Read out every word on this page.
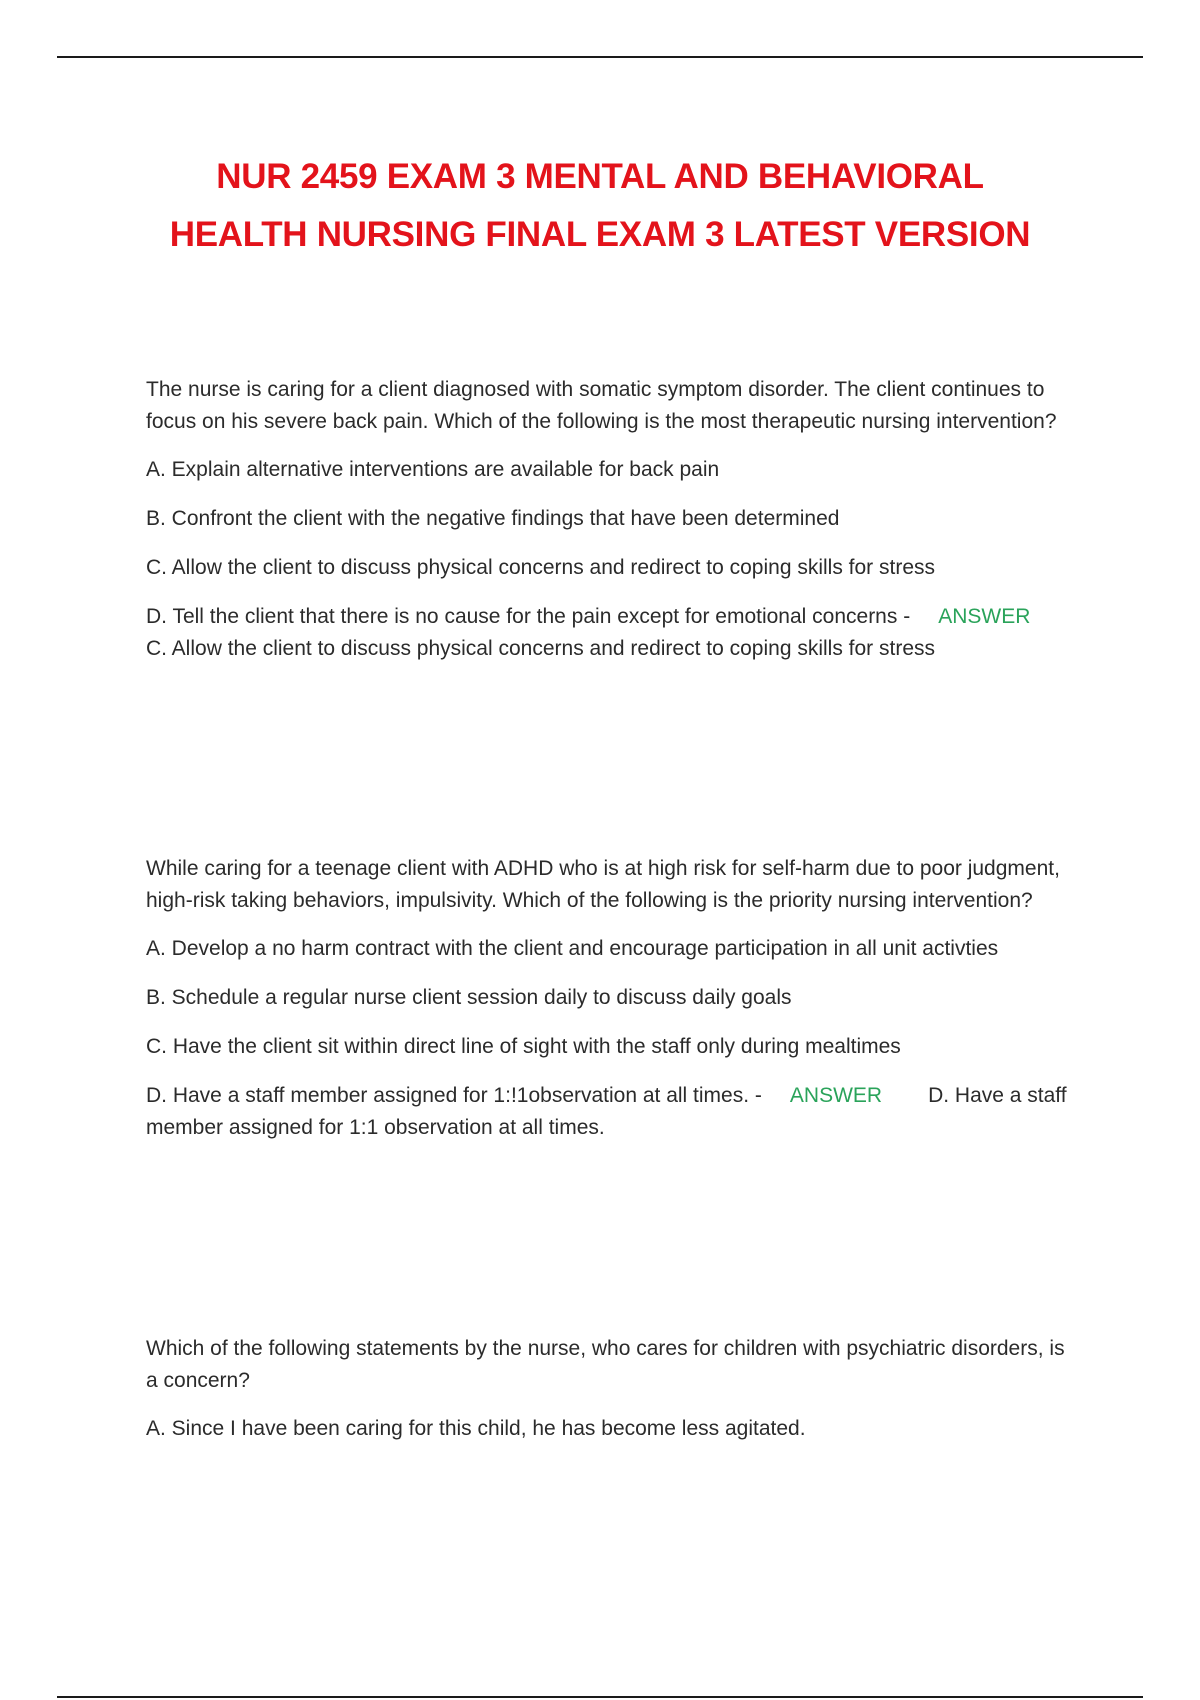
NUR 2459 EXAM 3 MENTAL AND BEHAVIORAL
HEALTH NURSING FINAL EXAM 3 LATEST VERSION

The nurse is caring for a client diagnosed with somatic symptom disorder. The client continues to focus on his severe back pain. Which of the following is the most therapeutic nursing intervention?

A. Explain alternative interventions are available for back pain

B. Confront the client with the negative findings that have been determined

C. Allow the client to discuss physical concerns and redirect to coping skills for stress

D. Tell the client that there is no cause for the pain except for emotional concerns - ANSWER
C. Allow the client to discuss physical concerns and redirect to coping skills for stress

While caring for a teenage client with ADHD who is at high risk for self-harm due to poor judgment, high-risk taking behaviors, impulsivity. Which of the following is the priority nursing intervention?

A. Develop a no harm contract with the client and encourage participation in all unit activties

B. Schedule a regular nurse client session daily to discuss daily goals

C. Have the client sit within direct line of sight with the staff only during mealtimes

D. Have a staff member assigned for 1:!1observation at all times. - ANSWER D. Have a staff member assigned for 1:1 observation at all times.

Which of the following statements by the nurse, who cares for children with psychiatric disorders, is a concern?

A. Since I have been caring for this child, he has become less agitated.
